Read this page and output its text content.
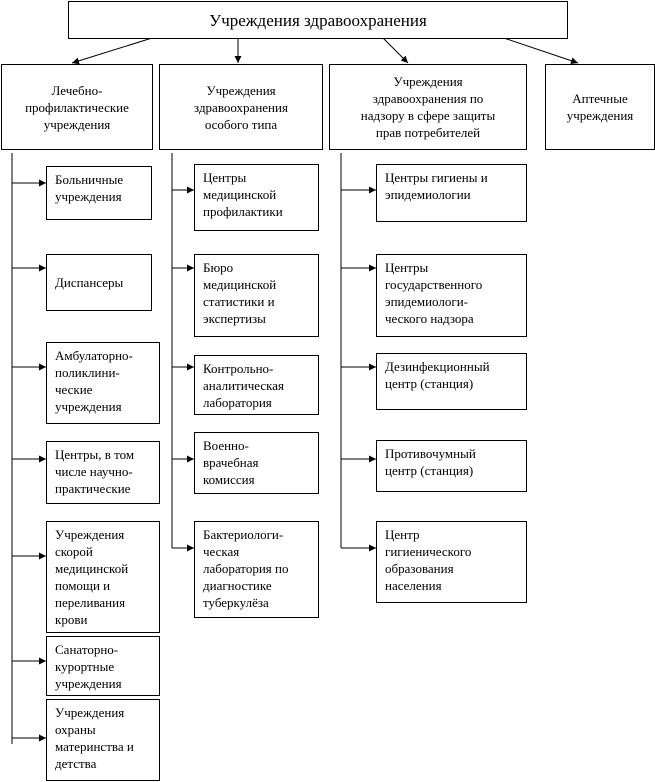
Учреждения здравоохранения
Лечебно-
профилактические
учреждения
Учреждения
здравоохранения
особого типа
Учреждения
здравоохранения по
надзору в сфере защиты
прав потребителей
Аптечные
учреждения
Больничные
учреждения
Диспансеры
Амбулаторно-
поликлини-
ческие
учреждения
Центры, в том
числе научно-
практические
Учреждения
скорой
медицинской
помощи и
переливания
крови
Санаторно-
курортные
учреждения
Учреждения
охраны
материнства и
детства
Центры
медицинской
профилактики
Бюро
медицинской
статистики и
экспертизы
Контрольно-
аналитическая
лаборатория
Военно-
врачебная
комиссия
Бактериологи-
ческая
лаборатория по
диагностике
туберкулёза
Центры гигиены и
эпидемиологии
Центры
государственного
эпидемиологи-
ческого надзора
Дезинфекционный
центр (станция)
Противочумный
центр (станция)
Центр
гигиенического
образования
населения
